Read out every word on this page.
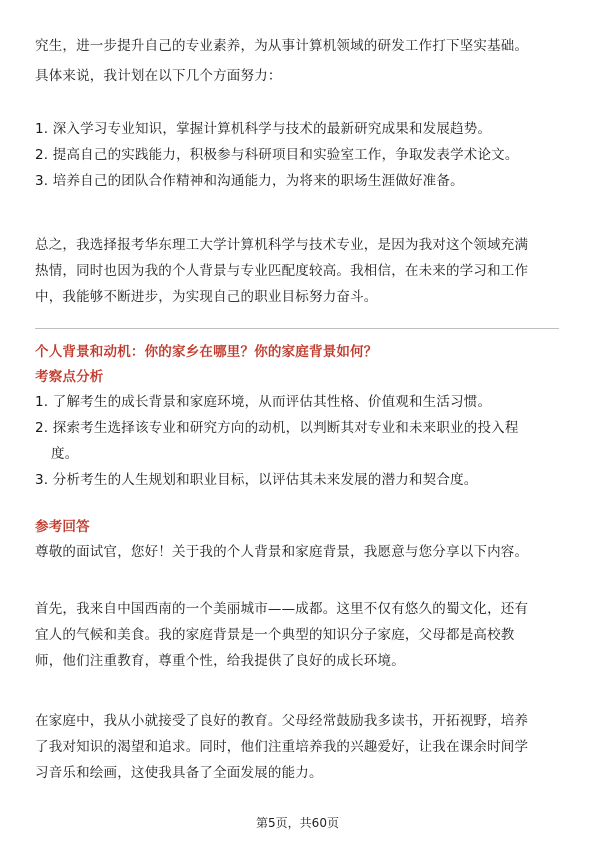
究生，进一步提升自己的专业素养，为从事计算机领域的研发工作打下坚实基础。

具体来说，我计划在以下几个方面努力：

1. 深入学习专业知识，掌握计算机科学与技术的最新研究成果和发展趋势。

2. 提高自己的实践能力，积极参与科研项目和实验室工作，争取发表学术论文。

3. 培养自己的团队合作精神和沟通能力，为将来的职场生涯做好准备。

总之，我选择报考华东理工大学计算机科学与技术专业，是因为我对这个领域充满

热情，同时也因为我的个人背景与专业匹配度较高。我相信，在未来的学习和工作

中，我能够不断进步，为实现自己的职业目标努力奋斗。

个人背景和动机：你的家乡在哪里？你的家庭背景如何？

考察点分析

1. 了解考生的成长背景和家庭环境，从而评估其性格、价值观和生活习惯。

2. 探索考生选择该专业和研究方向的动机，以判断其对专业和未来职业的投入程

度。

3. 分析考生的人生规划和职业目标，以评估其未来发展的潜力和契合度。

参考回答

尊敬的面试官，您好！关于我的个人背景和家庭背景，我愿意与您分享以下内容。

首先，我来自中国西南的一个美丽城市——成都。这里不仅有悠久的蜀文化，还有

宜人的气候和美食。我的家庭背景是一个典型的知识分子家庭，父母都是高校教

师，他们注重教育，尊重个性，给我提供了良好的成长环境。

在家庭中，我从小就接受了良好的教育。父母经常鼓励我多读书，开拓视野，培养

了我对知识的渴望和追求。同时，他们注重培养我的兴趣爱好，让我在课余时间学

习音乐和绘画，这使我具备了全面发展的能力。

第5页，共60页
